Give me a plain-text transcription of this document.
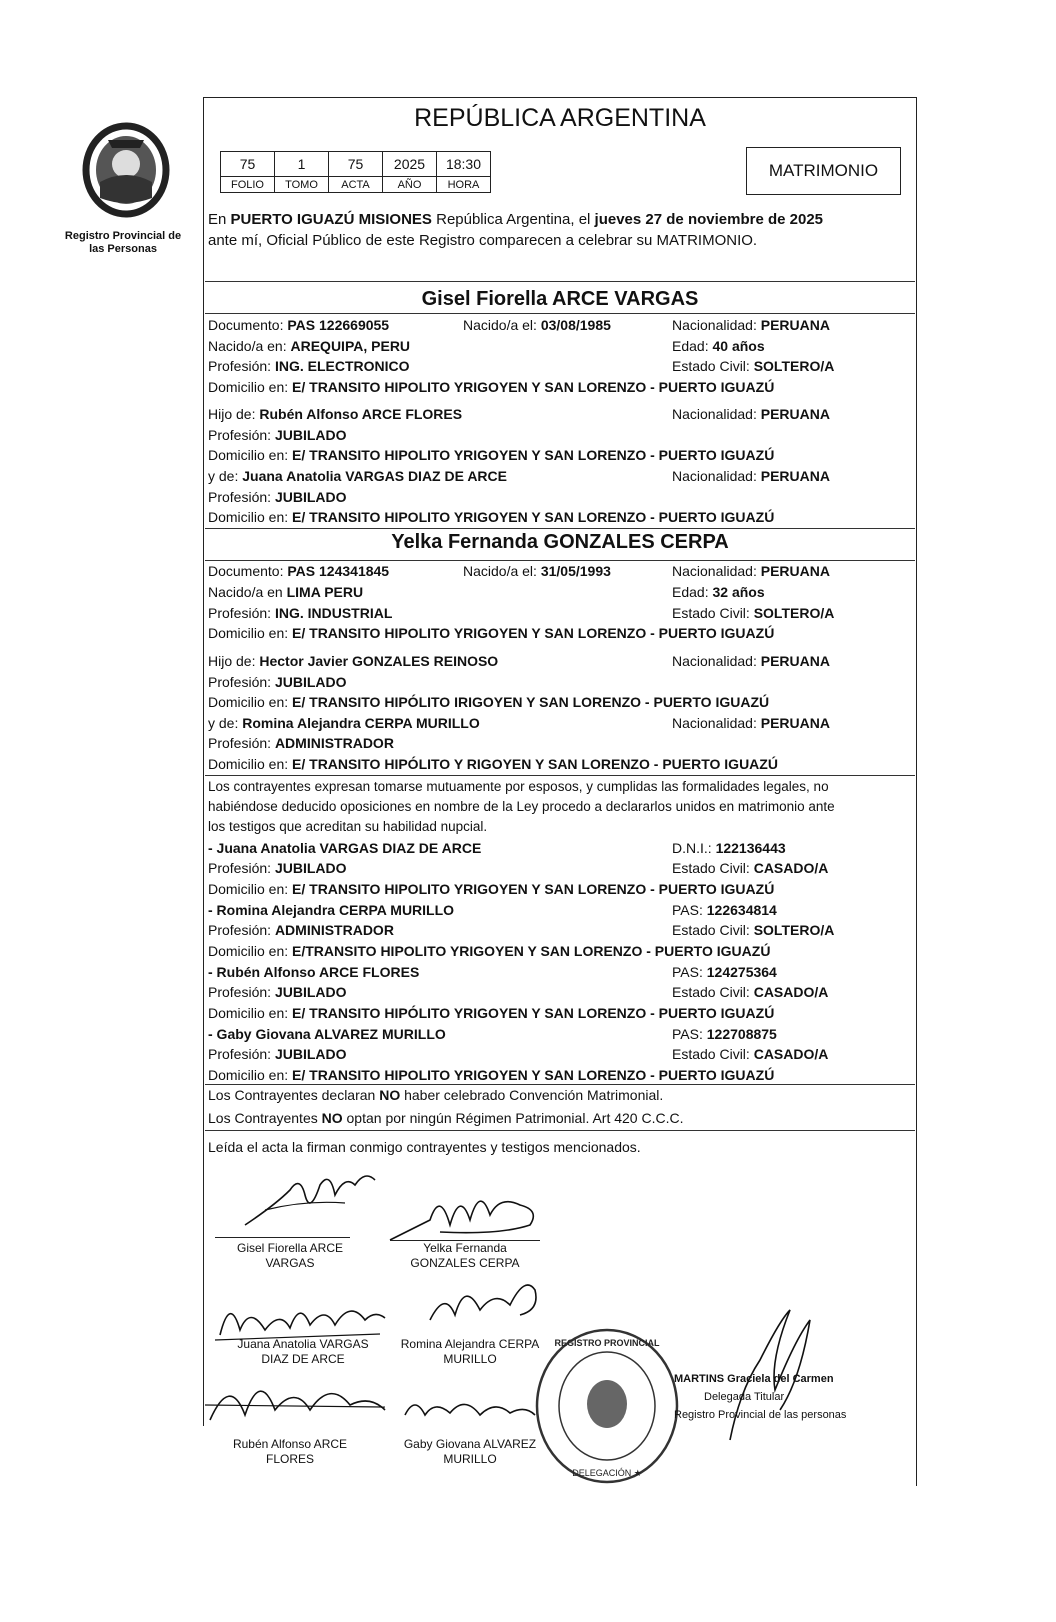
Registro Provincial de las Personas
REPÚBLICA ARGENTINA
75	1	75	2025	18:30
FOLIO	TOMO	ACTA	AÑO	HORA
MATRIMONIO
En PUERTO IGUAZÚ MISIONES República Argentina, el jueves 27 de noviembre de 2025
ante mí, Oficial Público de este Registro comparecen a celebrar su MATRIMONIO.
Gisel Fiorella ARCE VARGAS
Documento: PAS 122669055	Nacido/a el: 03/08/1985	Nacionalidad: PERUANA
Nacido/a en: AREQUIPA, PERU	Edad: 40 años
Profesión: ING. ELECTRONICO	Estado Civil: SOLTERO/A
Domicilio en: E/ TRANSITO HIPOLITO YRIGOYEN Y SAN LORENZO - PUERTO IGUAZÚ
Hijo de: Rubén Alfonso ARCE FLORES	Nacionalidad: PERUANA
Profesión: JUBILADO
Domicilio en: E/ TRANSITO HIPOLITO YRIGOYEN Y SAN LORENZO - PUERTO IGUAZÚ
y de: Juana Anatolia VARGAS DIAZ DE ARCE	Nacionalidad: PERUANA
Profesión: JUBILADO
Domicilio en: E/ TRANSITO HIPOLITO YRIGOYEN Y SAN LORENZO - PUERTO IGUAZÚ
Yelka Fernanda GONZALES CERPA
Documento: PAS 124341845	Nacido/a el: 31/05/1993	Nacionalidad: PERUANA
Nacido/a en LIMA PERU	Edad: 32 años
Profesión: ING. INDUSTRIAL	Estado Civil: SOLTERO/A
Domicilio en: E/ TRANSITO HIPOLITO YRIGOYEN Y SAN LORENZO - PUERTO IGUAZÚ
Hijo de: Hector Javier GONZALES REINOSO	Nacionalidad: PERUANA
Profesión: JUBILADO
Domicilio en: E/ TRANSITO HIPÓLITO IRIGOYEN Y SAN LORENZO - PUERTO IGUAZÚ
y de: Romina Alejandra CERPA MURILLO	Nacionalidad: PERUANA
Profesión: ADMINISTRADOR
Domicilio en: E/ TRANSITO HIPÓLITO Y RIGOYEN Y SAN LORENZO - PUERTO IGUAZÚ
Los contrayentes expresan tomarse mutuamente por esposos, y cumplidas las formalidades legales, no
habiéndose deducido oposiciones en nombre de la Ley procedo a declararlos unidos en matrimonio ante
los testigos que acreditan su habilidad nupcial.
- Juana Anatolia VARGAS DIAZ DE ARCE	D.N.I.: 122136443
Profesión: JUBILADO	Estado Civil: CASADO/A
Domicilio en: E/ TRANSITO HIPOLITO YRIGOYEN Y SAN LORENZO - PUERTO IGUAZÚ
- Romina Alejandra CERPA MURILLO	PAS: 122634814
Profesión: ADMINISTRADOR	Estado Civil: SOLTERO/A
Domicilio en: E/TRANSITO HIPOLITO YRIGOYEN Y SAN LORENZO - PUERTO IGUAZÚ
- Rubén Alfonso ARCE FLORES	PAS: 124275364
Profesión: JUBILADO	Estado Civil: CASADO/A
Domicilio en: E/ TRANSITO HIPÓLITO YRIGOYEN Y SAN LORENZO - PUERTO IGUAZÚ
- Gaby Giovana ALVAREZ MURILLO	PAS: 122708875
Profesión: JUBILADO	Estado Civil: CASADO/A
Domicilio en: E/ TRANSITO HIPOLITO YRIGOYEN Y SAN LORENZO - PUERTO IGUAZÚ
Los Contrayentes declaran NO haber celebrado Convención Matrimonial.
Los Contrayentes NO optan por ningún Régimen Patrimonial. Art 420 C.C.C.
Leída el acta la firman conmigo contrayentes y testigos mencionados.
Gisel Fiorella ARCE
VARGAS
Yelka Fernanda
GONZALES CERPA
Juana Anatolia VARGAS
DIAZ DE ARCE
Romina Alejandra CERPA
MURILLO
Rubén Alfonso ARCE
FLORES
Gaby Giovana ALVAREZ
MURILLO
REGISTRO PROVINCIAL
DELEGACIÓN ★
MARTINS Graciela del Carmen
Delegada Titular
Registro Provincial de las personas
